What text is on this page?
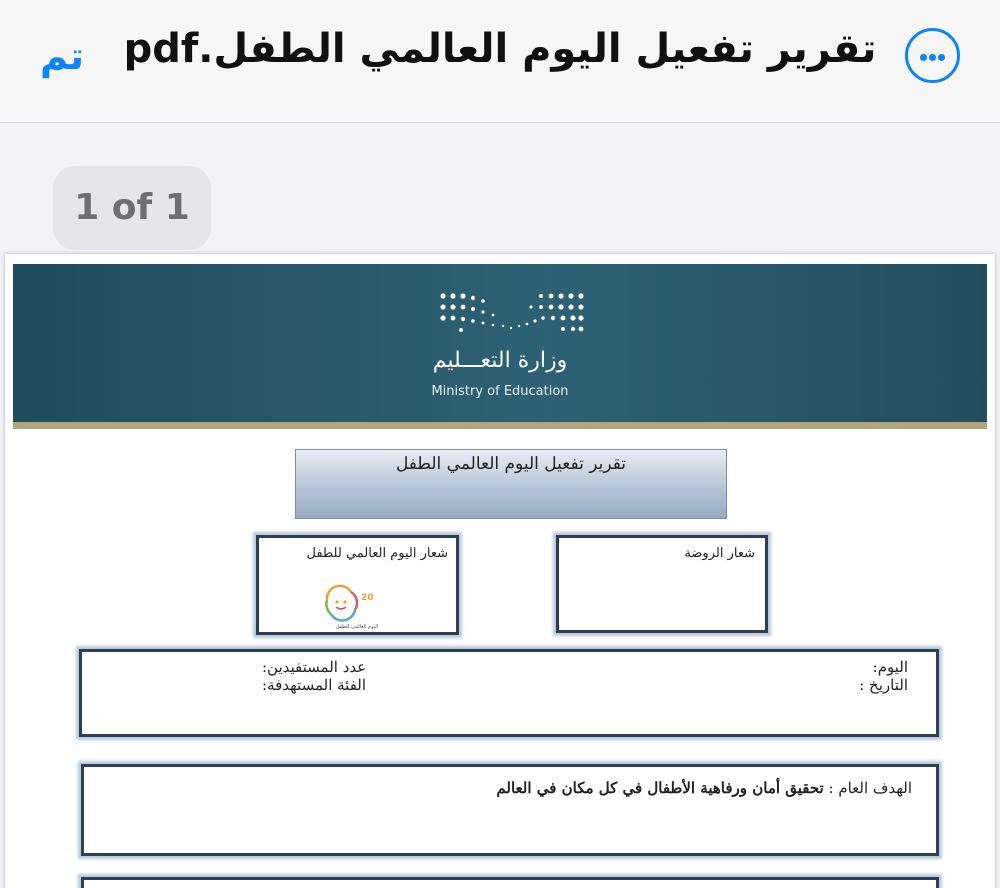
تم تقرير تفعيل اليوم العالمي الطفل.pdf
1 of 1
وزارة التعـــليم
Ministry of Education
تقرير تفعيل اليوم العالمي الطفل
شعار الروضة
شعار اليوم العالمي للطفل
20
اليوم العالمي للطفل
اليوم:
التاريخ :
عدد المستفيدين:
الفئة المستهدفة:
الهدف العام : تحقيق أمان ورفاهية الأطفال في كل مكان في العالم
